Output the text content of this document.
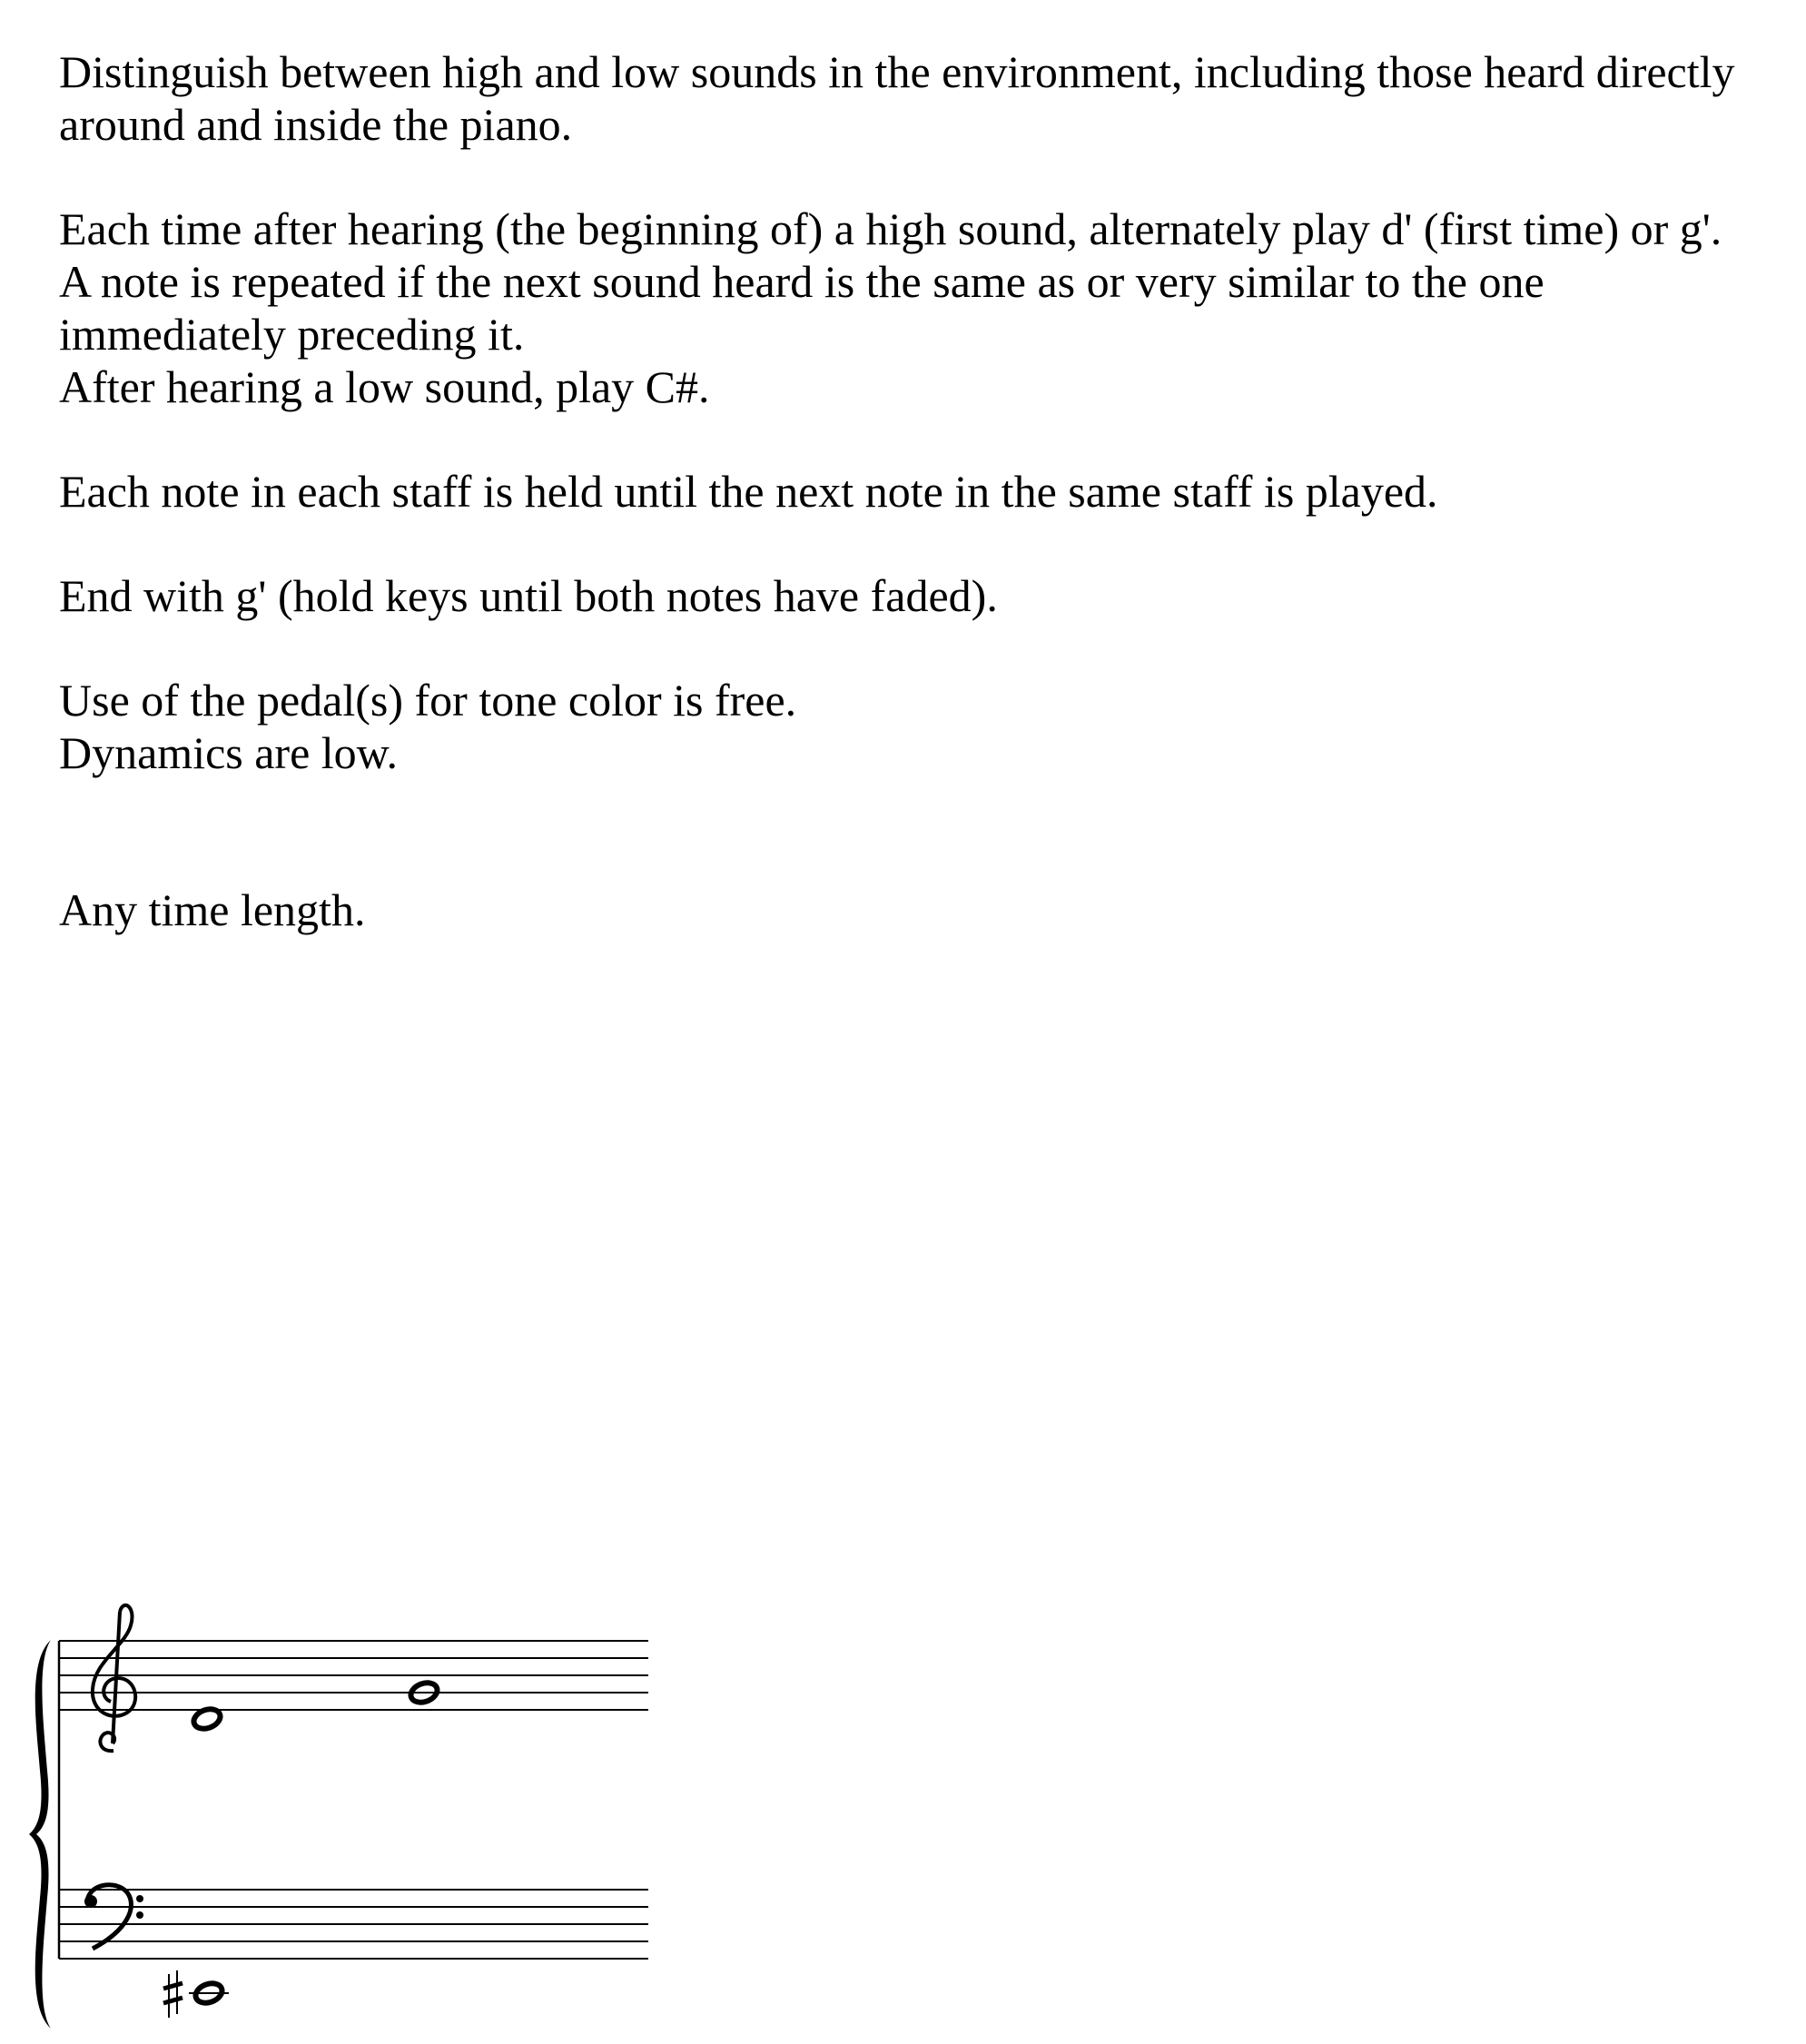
Distinguish between high and low sounds in the environment, including those heard directly
around and inside the piano.

Each time after hearing (the beginning of) a high sound, alternately play d' (first time) or g'.
A note is repeated if the next sound heard is the same as or very similar to the one
immediately preceding it.
After hearing a low sound, play C#.

Each note in each staff is held until the next note in the same staff is played.

End with g' (hold keys until both notes have faded).

Use of the pedal(s) for tone color is free.
Dynamics are low.

Any time length.
